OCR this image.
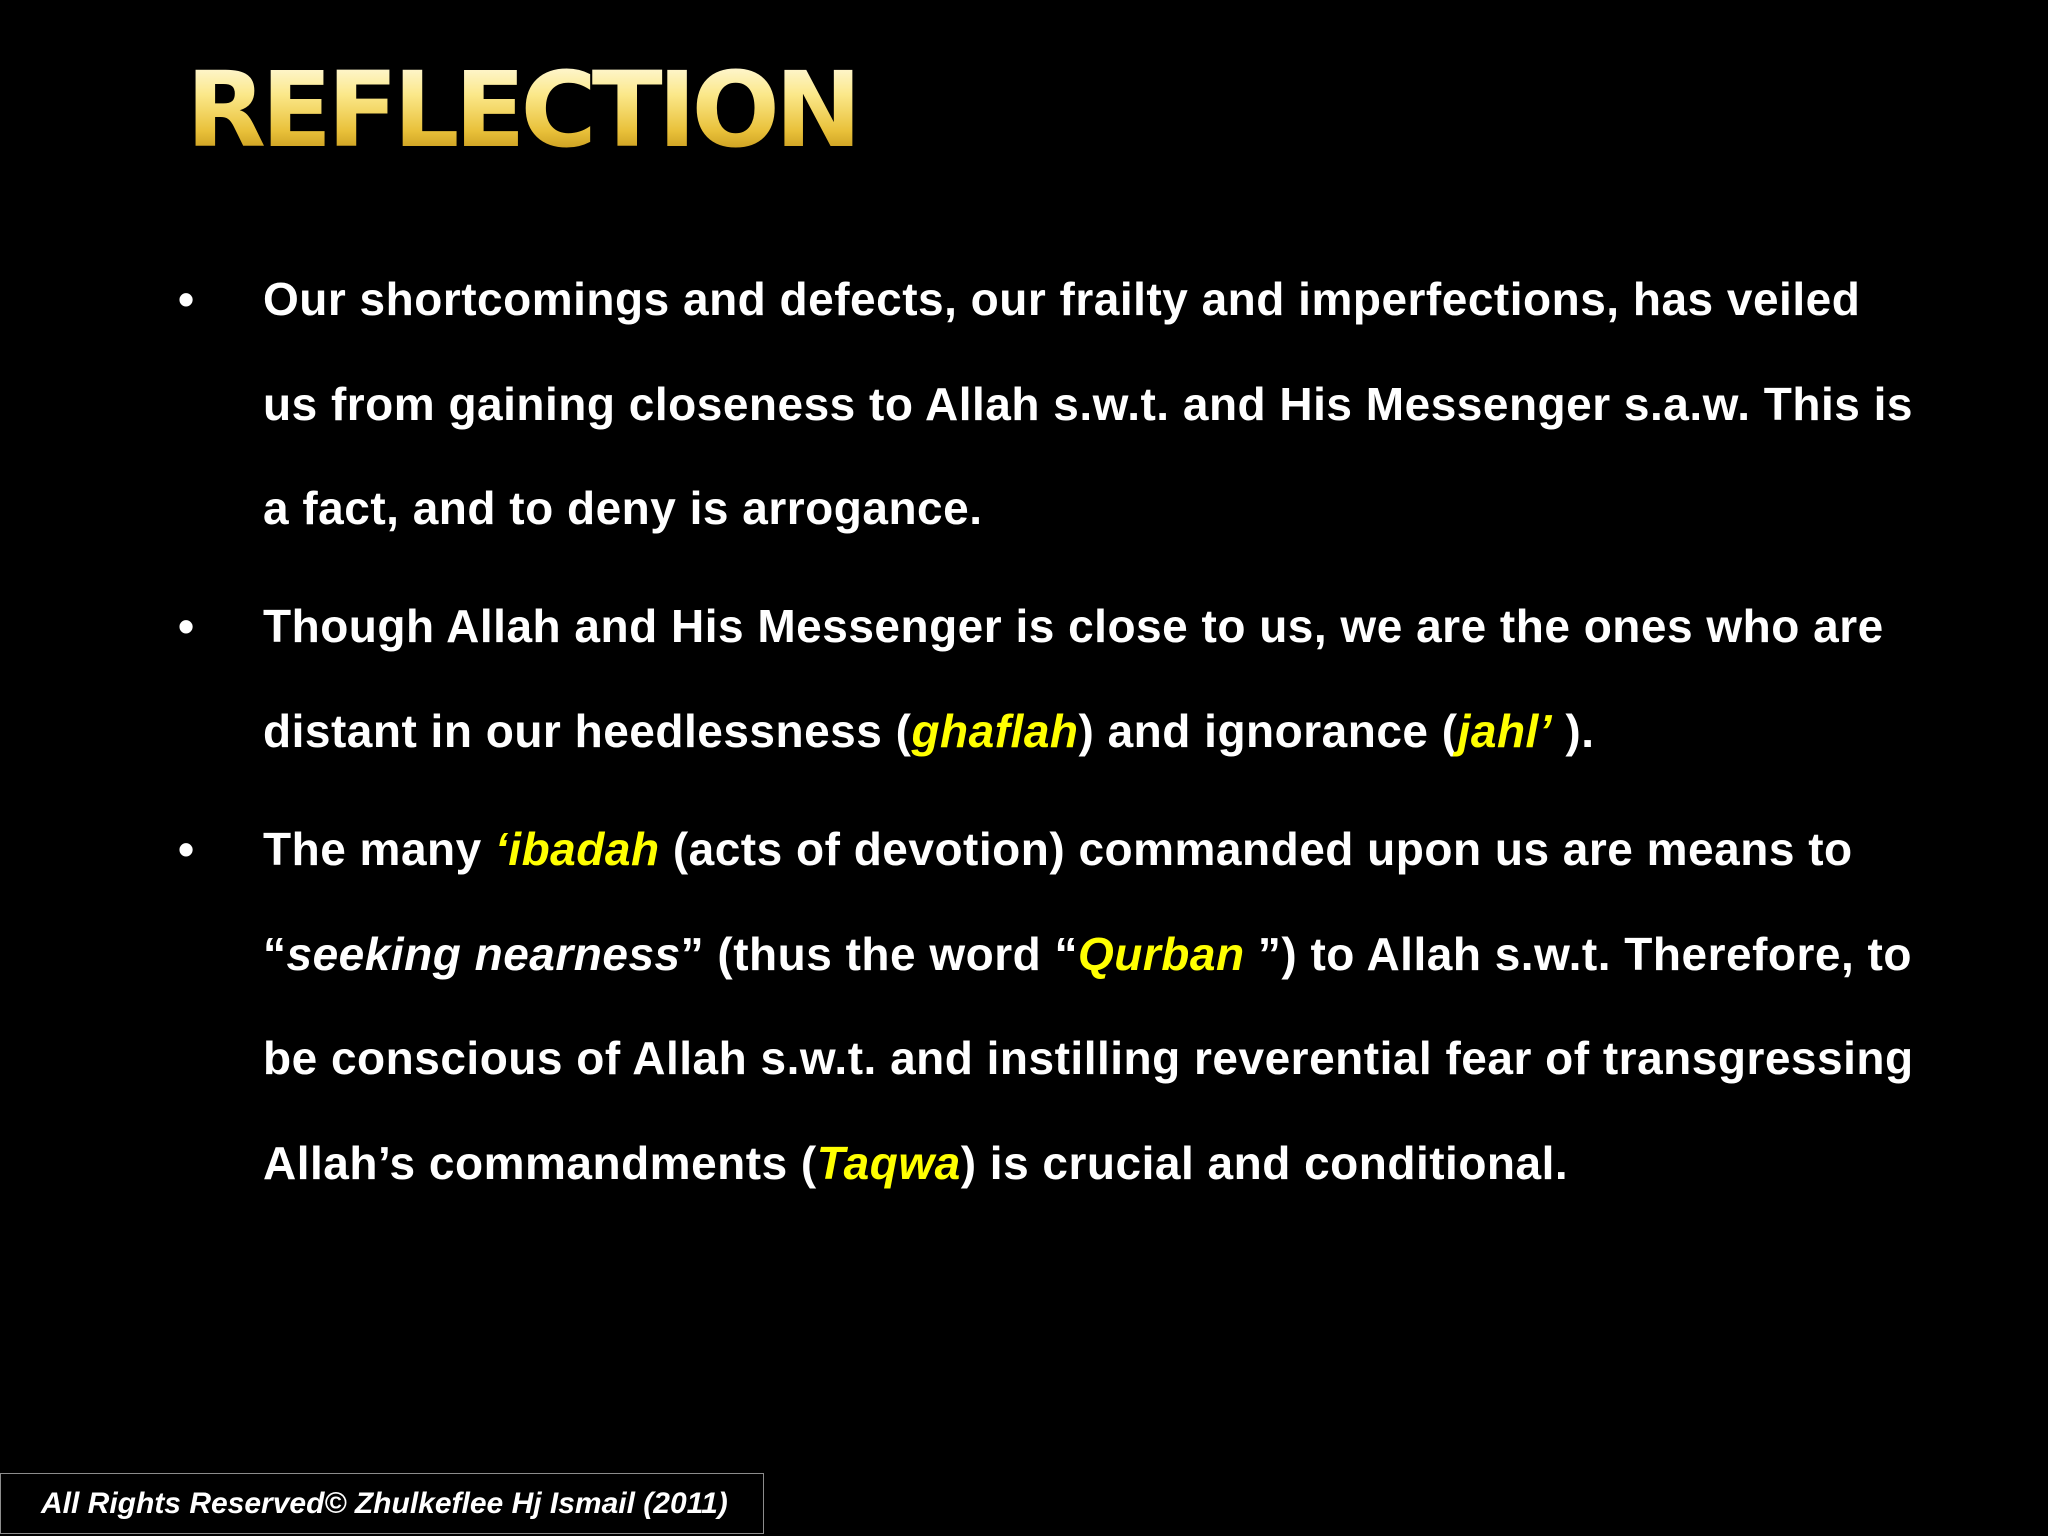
REFLECTION
• Our shortcomings and defects, our frailty and imperfections, has veiled us from gaining closeness to Allah s.w.t. and His Messenger s.a.w. This is a fact, and to deny is arrogance.
• Though Allah and His Messenger is close to us, we are the ones who are distant in our heedlessness (ghaflah) and ignorance (jahl’ ).
• The many ‘ibadah (acts of devotion) commanded upon us are means to “seeking nearness” (thus the word “Qurban ”) to Allah s.w.t. Therefore, to be conscious of Allah s.w.t. and instilling reverential fear of transgressing Allah’s commandments (Taqwa) is crucial and conditional.
All Rights Reserved© Zhulkeflee Hj Ismail (2011)
